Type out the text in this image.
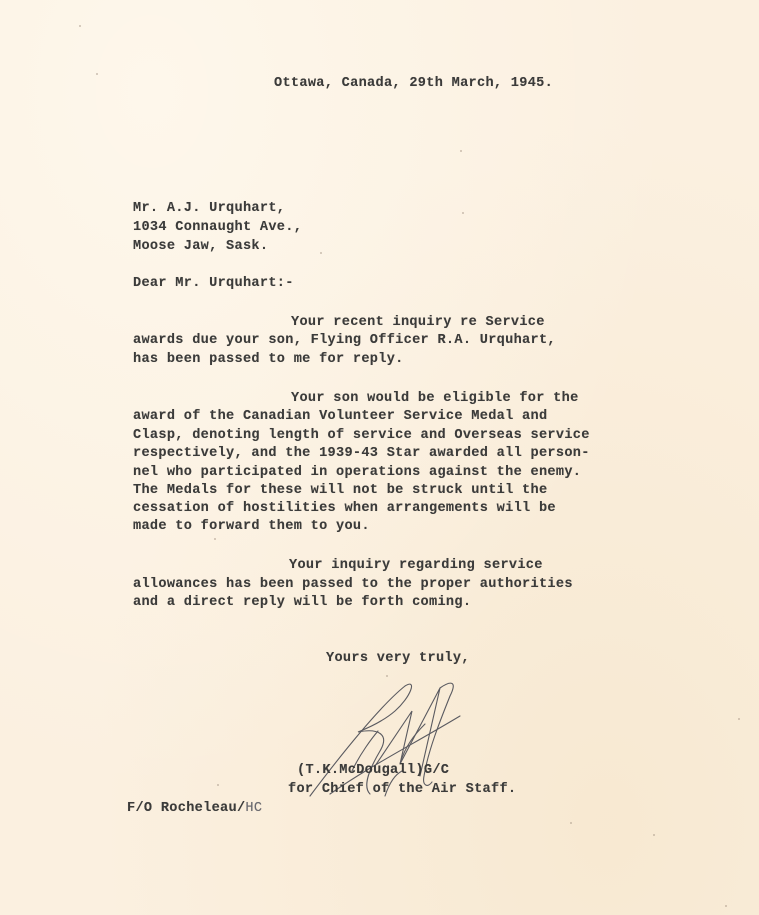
Ottawa, Canada, 29th March, 1945.
Mr. A.J. Urquhart,
1034 Connaught Ave.,
Moose Jaw, Sask.
Dear Mr. Urquhart:-
Your recent inquiry re Service
awards due your son, Flying Officer R.A. Urquhart,
has been passed to me for reply.
Your son would be eligible for the
award of the Canadian Volunteer Service Medal and
Clasp, denoting length of service and Overseas service
respectively, and the 1939-43 Star awarded all person-
nel who participated in operations against the enemy.
The Medals for these will not be struck until the
cessation of hostilities when arrangements will be
made to forward them to you.
Your inquiry regarding service
allowances has been passed to the proper authorities
and a direct reply will be forth coming.
Yours very truly,
(T.K.McDougall)G/C
for Chief of the Air Staff.
F/O Rocheleau/HC
